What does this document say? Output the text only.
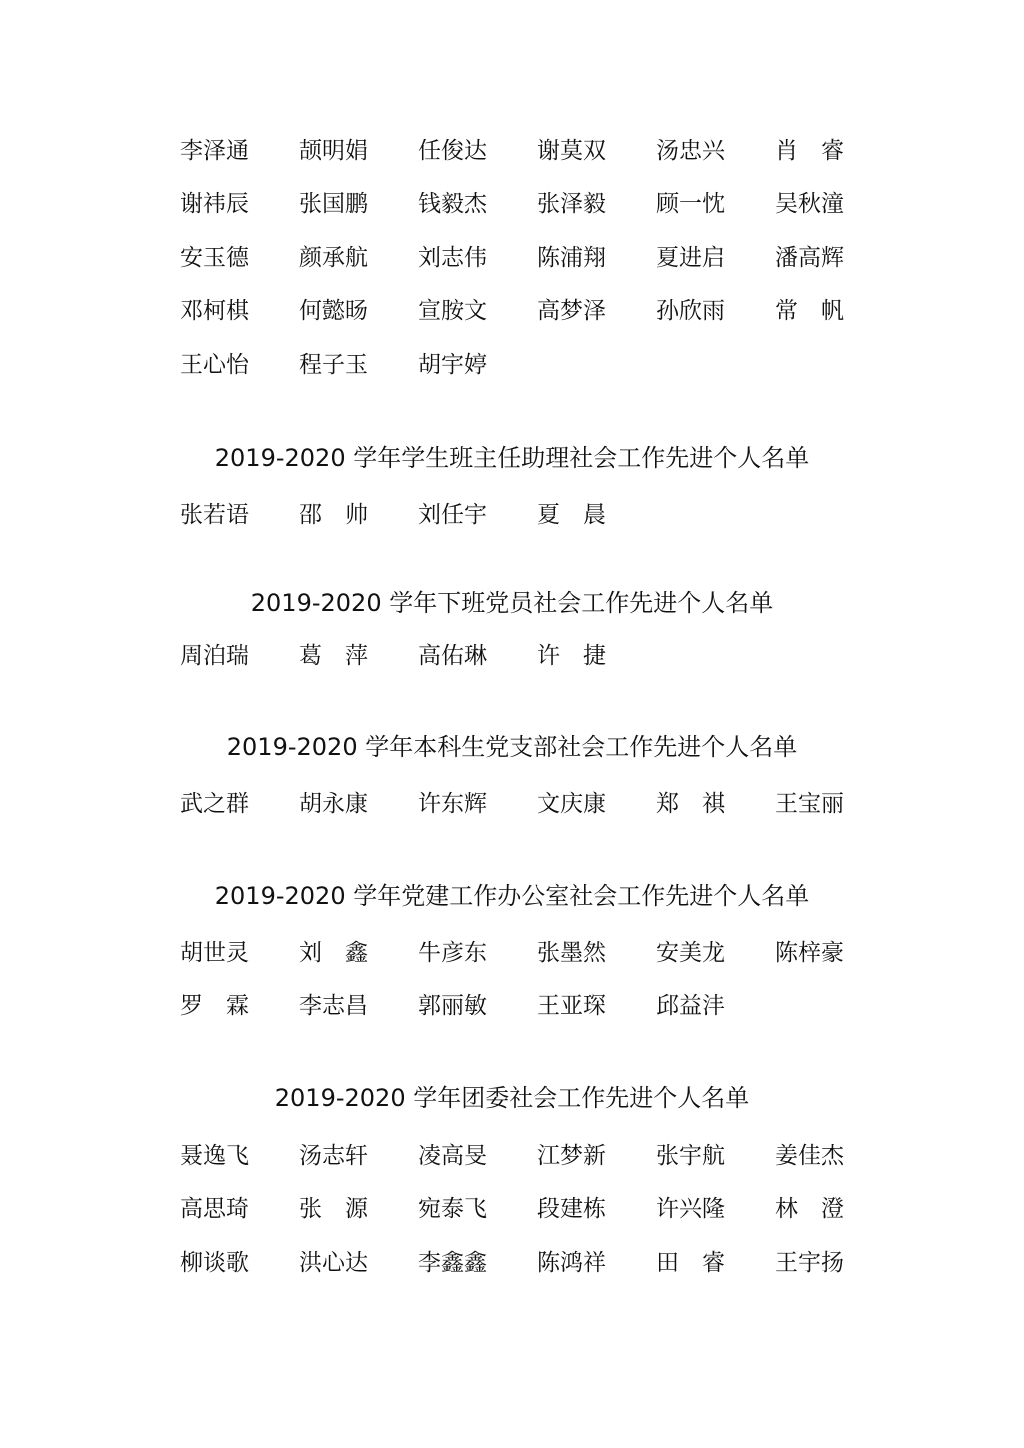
李泽通	颉明娟	任俊达	谢莫双	汤忠兴	肖　睿
谢祎辰	张国鹏	钱毅杰	张泽毅	顾一忱	吴秋潼
安玉德	颜承航	刘志伟	陈浦翔	夏进启	潘高辉
邓柯棋	何懿旸	宣胺文	高梦泽	孙欣雨	常　帆
王心怡	程子玉	胡宇婷
2019-2020 学年学生班主任助理社会工作先进个人名单
张若语	邵　帅	刘任宇	夏　晨
2019-2020 学年下班党员社会工作先进个人名单
周泊瑞	葛　萍	高佑琳	许　捷
2019-2020 学年本科生党支部社会工作先进个人名单
武之群	胡永康	许东辉	文庆康	郑　祺	王宝丽
2019-2020 学年党建工作办公室社会工作先进个人名单
胡世灵	刘　鑫	牛彦东	张墨然	安美龙	陈梓豪
罗　霖	李志昌	郭丽敏	王亚琛	邱益沣
2019-2020 学年团委社会工作先进个人名单
聂逸飞	汤志轩	凌高旻	江梦新	张宇航	姜佳杰
高思琦	张　源	宛泰飞	段建栋	许兴隆	林　澄
柳谈歌	洪心达	李鑫鑫	陈鸿祥	田　睿	王宇扬
